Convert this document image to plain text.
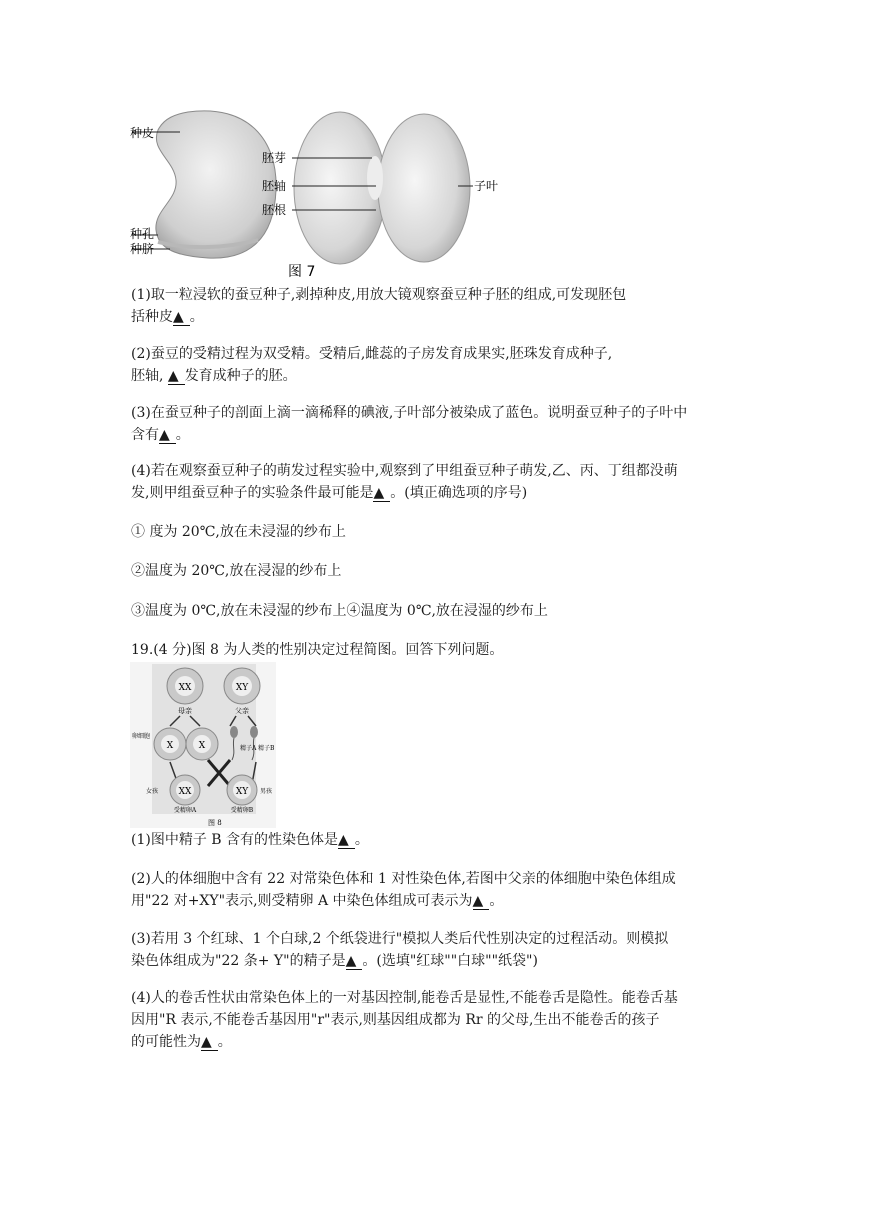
种皮
种孔
种脐
胚芽
胚轴
胚根
子叶
图 7

(1)取一粒浸软的蚕豆种子,剥掉种皮,用放大镜观察蚕豆种子胚的组成,可发现胚包
括种皮▲ 。

(2)蚕豆的受精过程为双受精。受精后,雌蕊的子房发育成果实,胚珠发育成种子,
胚轴, ▲ 发育成种子的胚。

(3)在蚕豆种子的剖面上滴一滴稀释的碘液,子叶部分被染成了蓝色。说明蚕豆种子的子叶中
含有▲ 。

(4)若在观察蚕豆种子的萌发过程实验中,观察到了甲组蚕豆种子萌发,乙、丙、丁组都没萌
发,则甲组蚕豆种子的实验条件最可能是▲ 。(填正确选项的序号)

① 度为 20℃,放在未浸湿的纱布上

②温度为 20℃,放在浸湿的纱布上

③温度为 0℃,放在未浸湿的纱布上④温度为 0℃,放在浸湿的纱布上

19.(4 分)图 8 为人类的性别决定过程简图。回答下列问题。

XX	XY
母亲	父亲
X	X
卵细胞
精子A 精子B
XX	XY
女孩	男孩
受精卵A	受精卵B
图 8

(1)图中精子 B 含有的性染色体是▲ 。

(2)人的体细胞中含有 22 对常染色体和 1 对性染色体,若图中父亲的体细胞中染色体组成
用"22 对+XY"表示,则受精卵 A 中染色体组成可表示为▲ 。

(3)若用 3 个红球、1 个白球,2 个纸袋进行"模拟人类后代性别决定的过程活动。则模拟
染色体组成为"22 条+ Y"的精子是▲ 。(选填"红球""白球""纸袋")

(4)人的卷舌性状由常染色体上的一对基因控制,能卷舌是显性,不能卷舌是隐性。能卷舌基
因用"R 表示,不能卷舌基因用"r"表示,则基因组成都为 Rr 的父母,生出不能卷舌的孩子
的可能性为▲ 。
